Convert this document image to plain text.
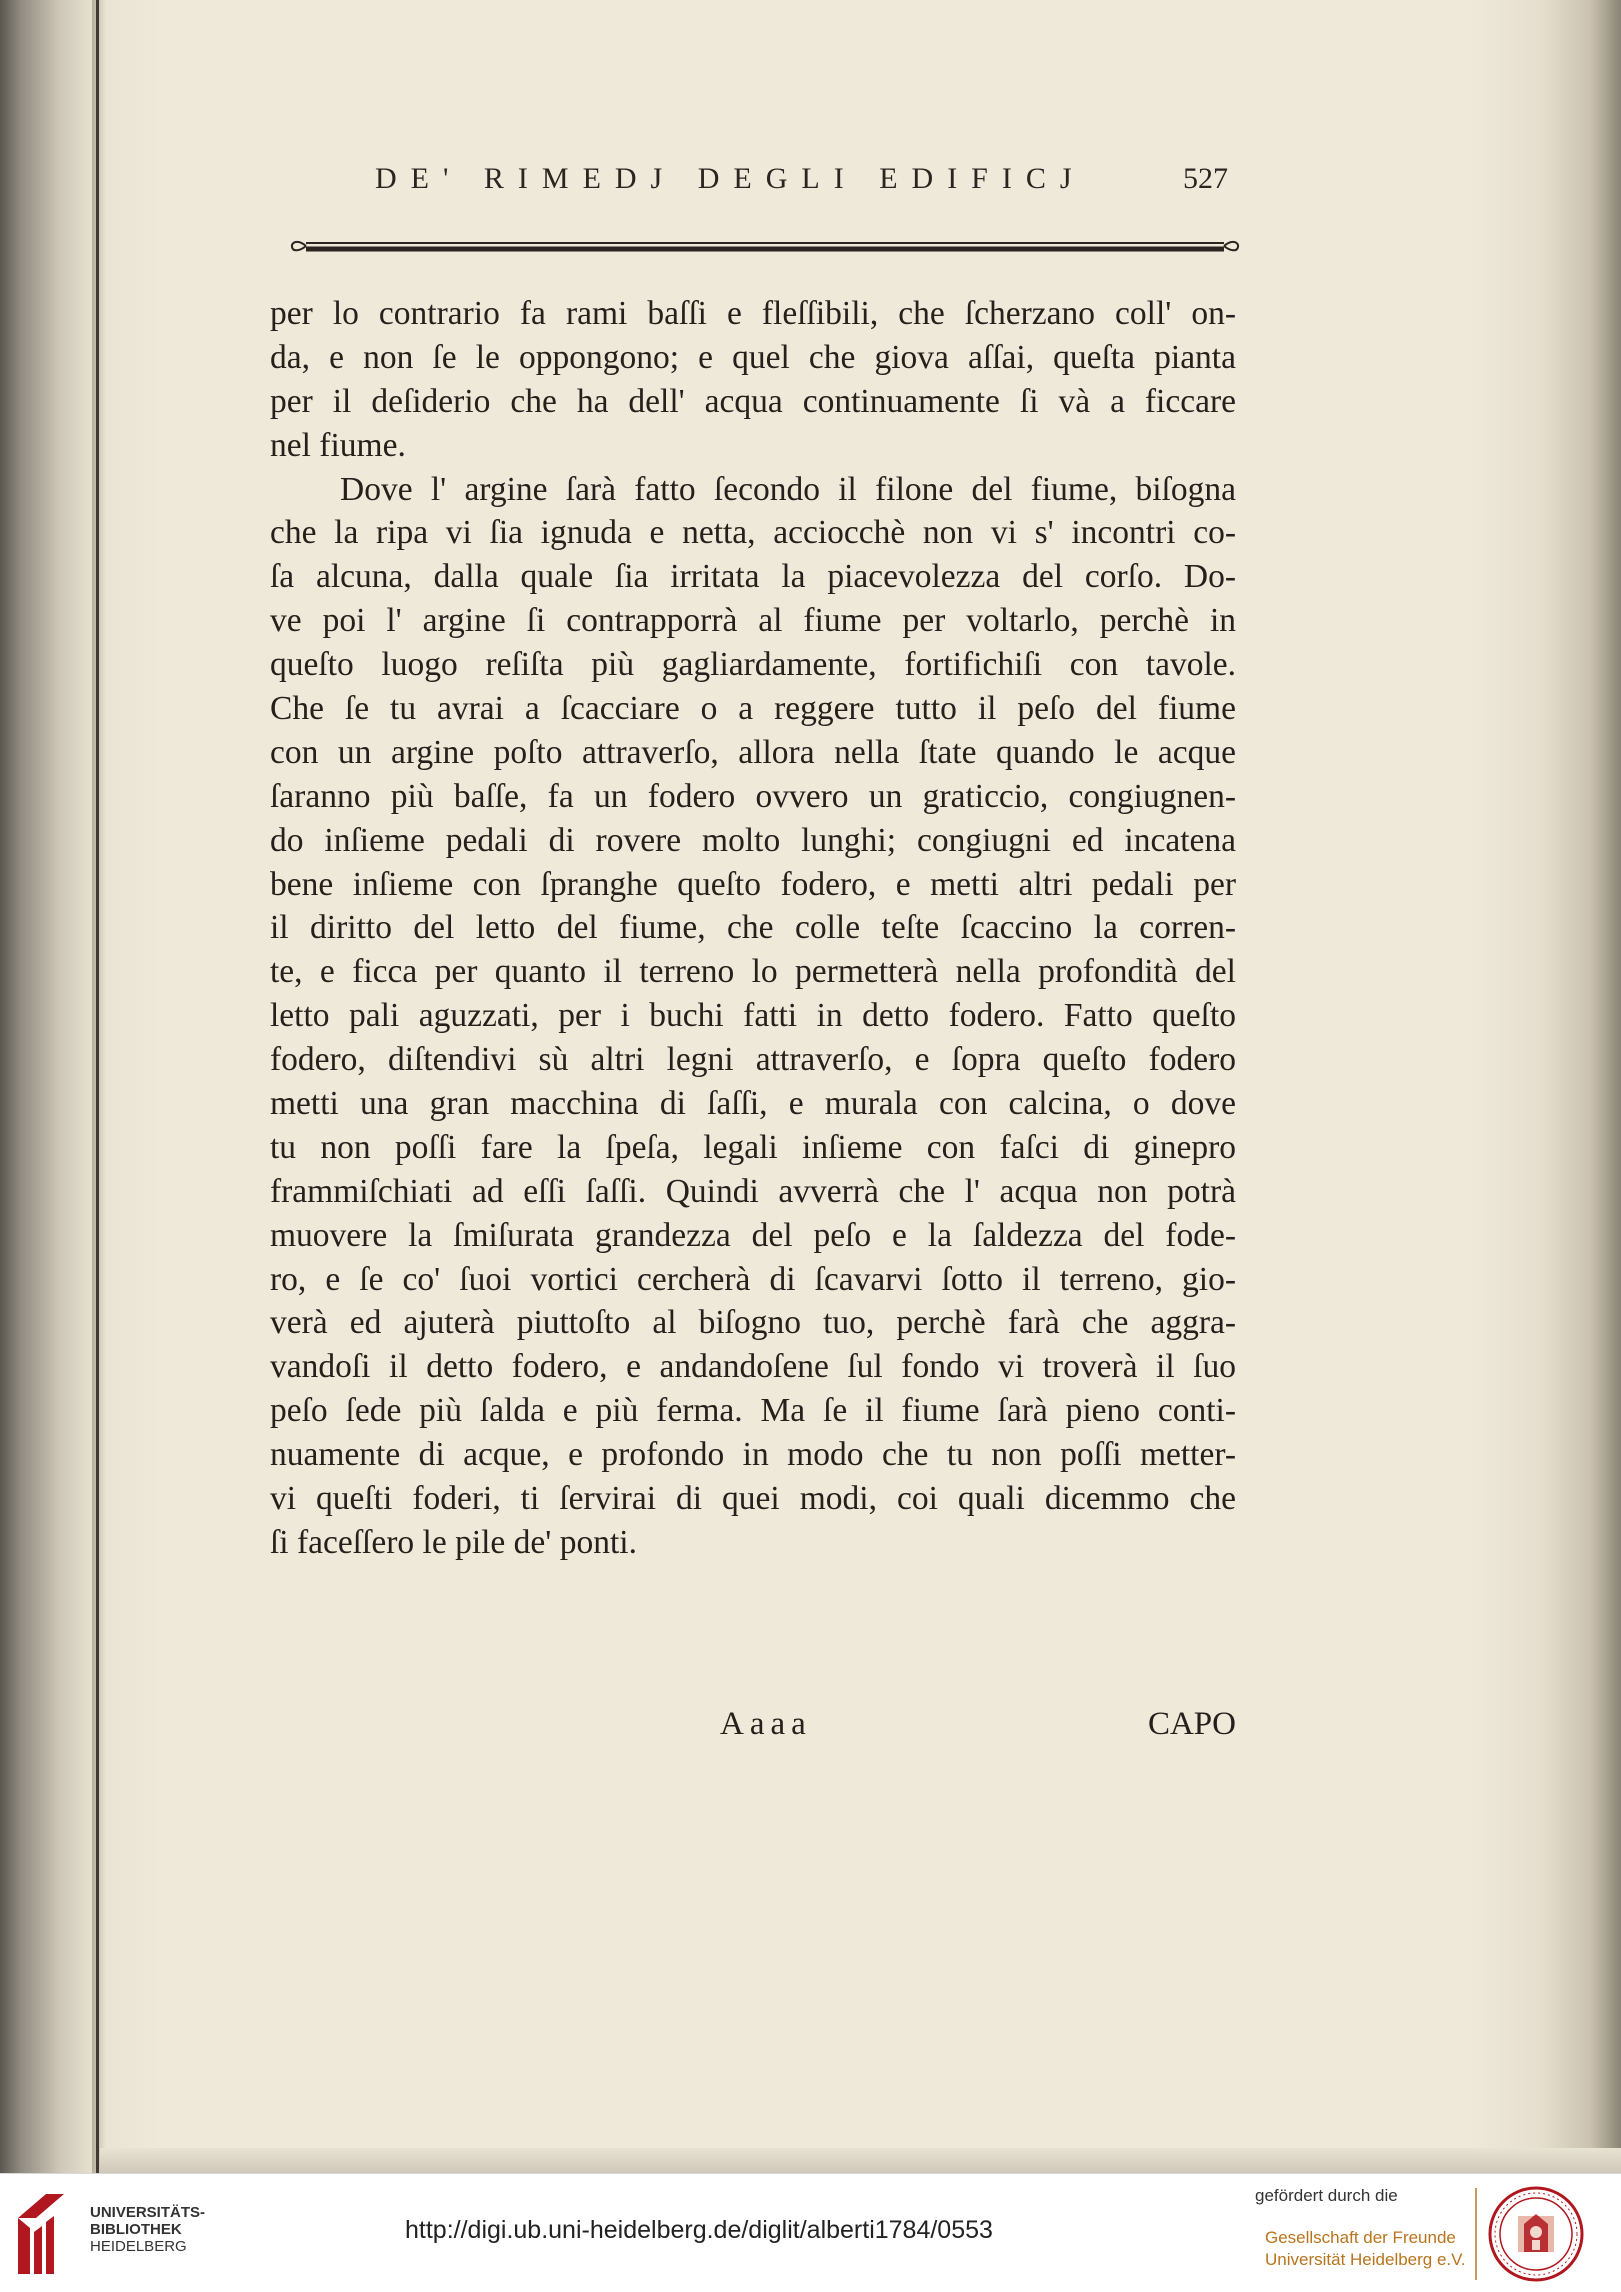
DE' RIMEDJ DEGLI EDIFICJ	527
per lo contrario fa rami baſſi e fleſſibili, che ſcherzano coll' on-
da, e non ſe le oppongono; e quel che giova aſſai, queſta pianta
per il deſiderio che ha dell' acqua continuamente ſi và a ficcare
nel fiume.
Dove l' argine ſarà fatto ſecondo il filone del fiume, biſogna
che la ripa vi ſia ignuda e netta, acciocchè non vi s' incontri co-
ſa alcuna, dalla quale ſia irritata la piacevolezza del corſo. Do-
ve poi l' argine ſi contrapporrà al fiume per voltarlo, perchè in
queſto luogo reſiſta più gagliardamente, fortifichiſi con tavole.
Che ſe tu avrai a ſcacciare o a reggere tutto il peſo del fiume
con un argine poſto attraverſo, allora nella ſtate quando le acque
ſaranno più baſſe, fa un fodero ovvero un graticcio, congiugnen-
do inſieme pedali di rovere molto lunghi; congiugni ed incatena
bene inſieme con ſpranghe queſto fodero, e metti altri pedali per
il diritto del letto del fiume, che colle teſte ſcaccino la corren-
te, e ficca per quanto il terreno lo permetterà nella profondità del
letto pali aguzzati, per i buchi fatti in detto fodero. Fatto queſto
fodero, diſtendivi sù altri legni attraverſo, e ſopra queſto fodero
metti una gran macchina di ſaſſi, e murala con calcina, o dove
tu non poſſi fare la ſpeſa, legali inſieme con faſci di ginepro
frammiſchiati ad eſſi ſaſſi. Quindi avverrà che l' acqua non potrà
muovere la ſmiſurata grandezza del peſo e la ſaldezza del fode-
ro, e ſe co' ſuoi vortici cercherà di ſcavarvi ſotto il terreno, gio-
verà ed ajuterà piuttoſto al biſogno tuo, perchè farà che aggra-
vandoſi il detto fodero, e andandoſene ſul fondo vi troverà il ſuo
peſo ſede più ſalda e più ferma. Ma ſe il fiume ſarà pieno conti-
nuamente di acque, e profondo in modo che tu non poſſi metter-
vi queſti foderi, ti ſervirai di quei modi, coi quali dicemmo che
ſi faceſſero le pile de' ponti.
Aaaa	CAPO
UNIVERSITÄTS-
BIBLIOTHEK
HEIDELBERG
http://digi.ub.uni-heidelberg.de/diglit/alberti1784/0553
gefördert durch die
Gesellschaft der Freunde
Universität Heidelberg e.V.
